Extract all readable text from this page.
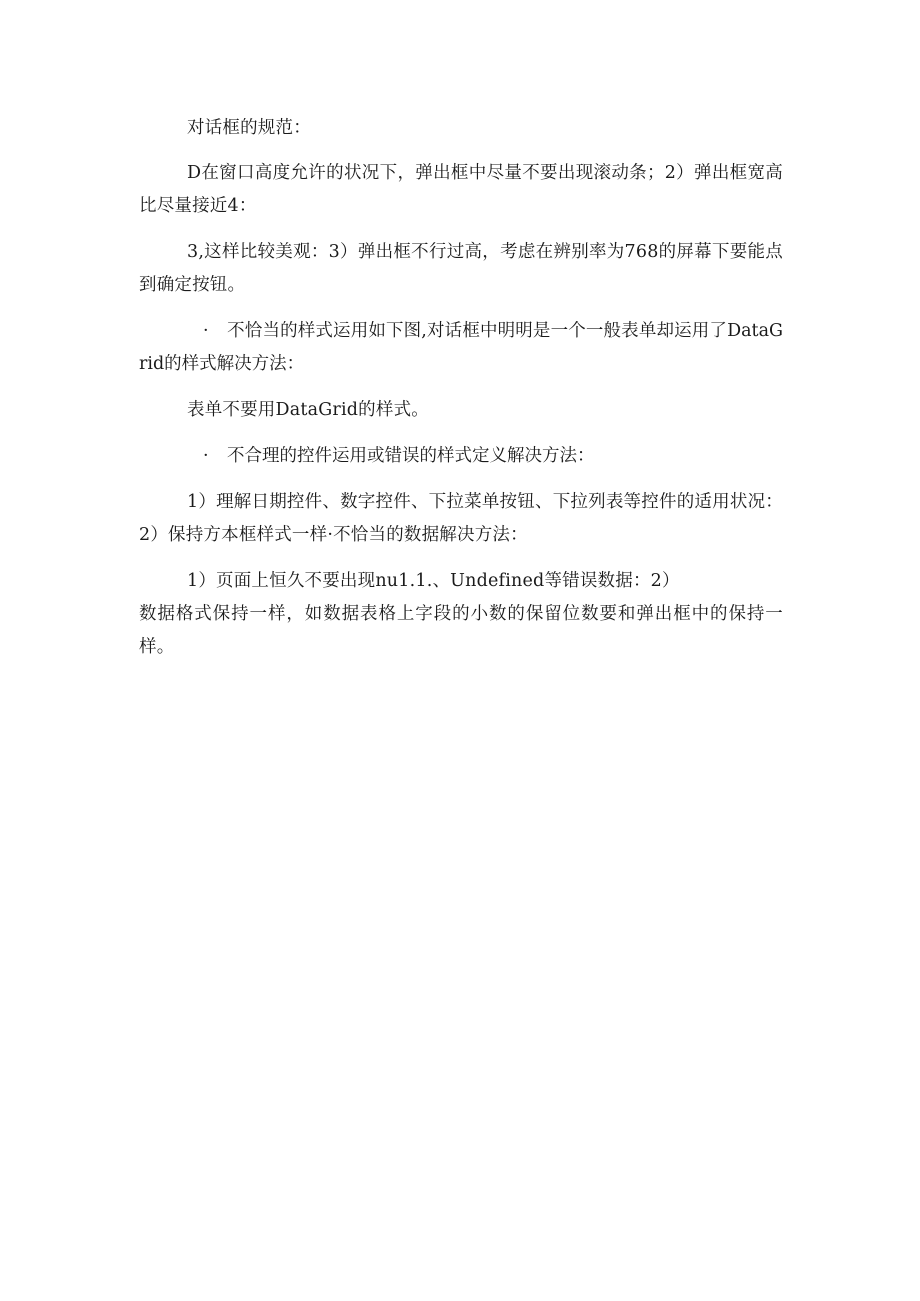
对话框的规范：

D在窗口高度允许的状况下，弹出框中尽量不要出现滚动条；2）弹出框宽高比尽量接近4：

3,这样比较美观：3）弹出框不行过高，考虑在辨别率为768的屏幕下要能点到确定按钮。

· 不恰当的样式运用如下图,对话框中明明是一个一般表单却运用了DataGrid的样式解决方法：

表单不要用DataGrid的样式。

· 不合理的控件运用或错误的样式定义解决方法：

1）理解日期控件、数字控件、下拉菜单按钮、下拉列表等控件的适用状况：2）保持方本框样式一样·不恰当的数据解决方法：

1）页面上恒久不要出现nu1.1.、Undefined等错误数据：2）

数据格式保持一样，如数据表格上字段的小数的保留位数要和弹出框中的保持一样。
